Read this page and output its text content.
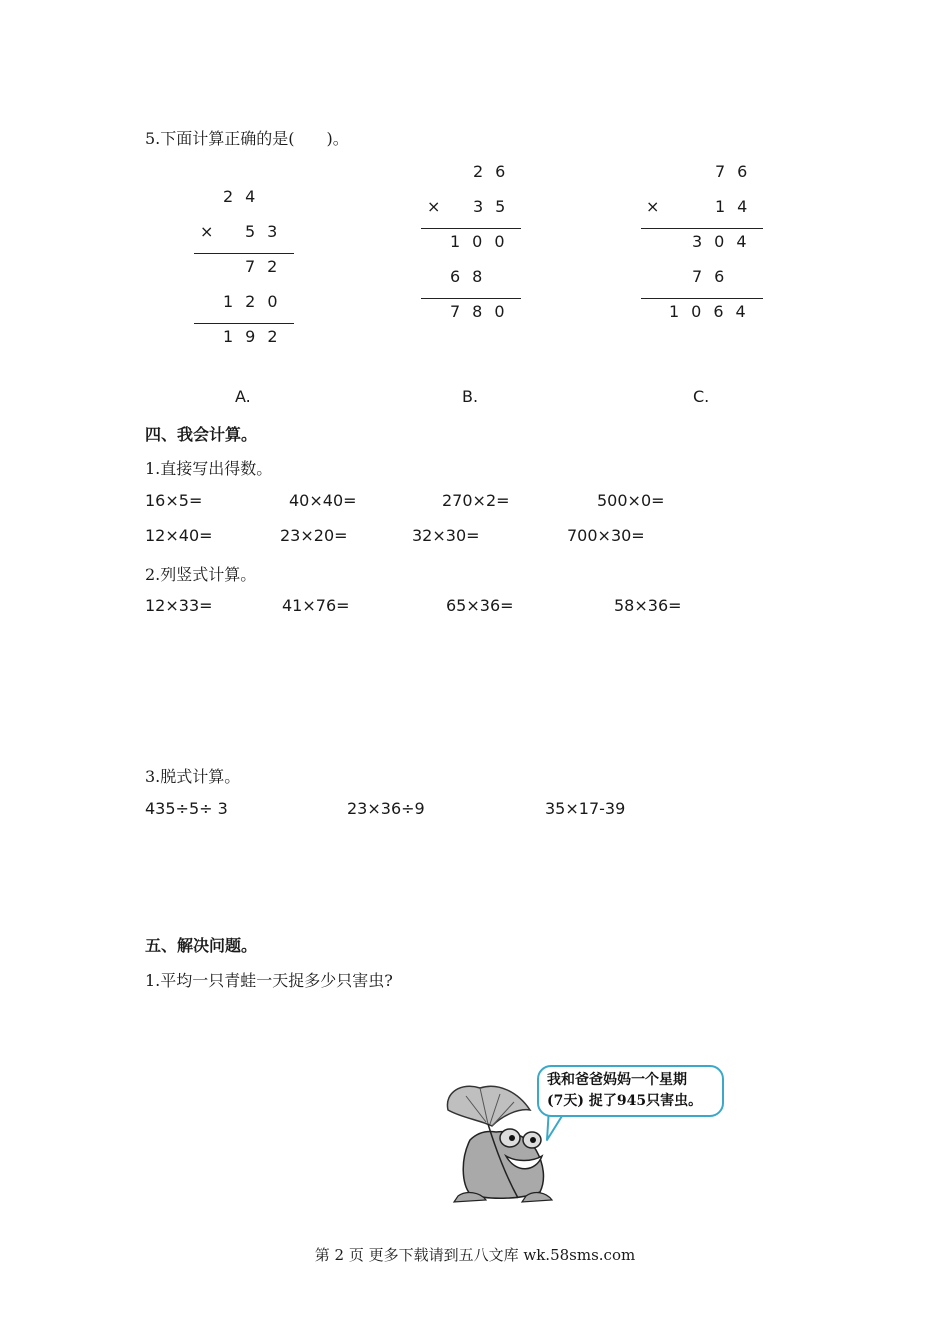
5.下面计算正确的是(　　)。
24
× 53
72
120
192
A.
26
× 35
100
68
780
B.
76
×	14
304
76
1064
C.
四、我会计算。
1.直接写出得数。
16×5=	40×40=	270×2=	500×0=
12×40=	23×20=	32×30=	700×30=
2.列竖式计算。
12×33=	41×76=	65×36=	58×36=
3.脱式计算。
435÷5÷ 3	23×36÷9	35×17-39
五、解决问题。
1.平均一只青蛙一天捉多少只害虫?
我和爸爸妈妈一个星期
(7天) 捉了945只害虫。
第 2 页 更多下载请到五八文库 wk.58sms.com
